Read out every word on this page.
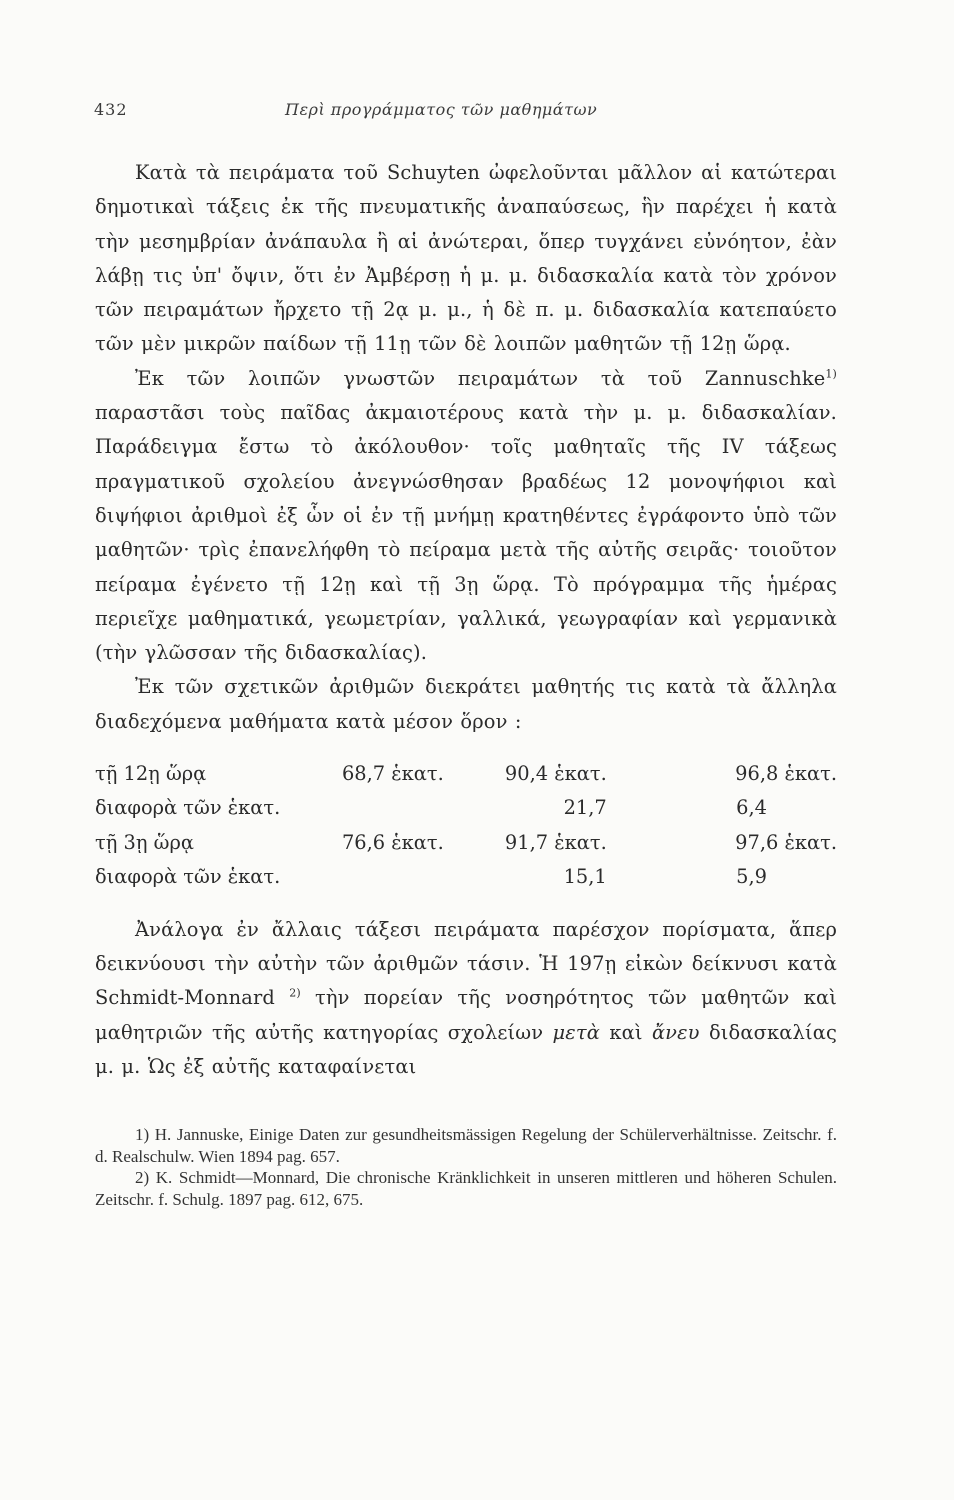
432	Περὶ προγράμματος τῶν μαθημάτων

Κατὰ τὰ πειράματα τοῦ Schuyten ὠφελοῦνται μᾶλλον αἱ κατώτεραι δημοτικαὶ τάξεις ἐκ τῆς πνευματικῆς ἀναπαύσεως, ἣν παρέχει ἡ κατὰ τὴν μεσημβρίαν ἀνάπαυλα ἢ αἱ ἀνώτεραι, ὅπερ τυγχάνει εὐνόητον, ἐὰν λάβῃ τις ὑπ' ὄψιν, ὅτι ἐν Ἀμβέρσῃ ἡ μ. μ. διδασκαλία κατὰ τὸν χρόνον τῶν πειραμάτων ἤρχετο τῇ 2ᾳ μ. μ., ἡ δὲ π. μ. διδασκαλία κατεπαύετο τῶν μὲν μικρῶν παίδων τῇ 11ῃ τῶν δὲ λοιπῶν μαθητῶν τῇ 12ῃ ὥρᾳ.

Ἐκ τῶν λοιπῶν γνωστῶν πειραμάτων τὰ τοῦ Zannuschke$^{1)}$ παραστᾶσι τοὺς παῖδας ἀκμαιοτέρους κατὰ τὴν μ. μ. διδασκαλίαν. Παράδειγμα ἔστω τὸ ἀκόλουθον· τοῖς μαθηταῖς τῆς IV τάξεως πραγματικοῦ σχολείου ἀνεγνώσθησαν βραδέως 12 μονοψήφιοι καὶ διψήφιοι ἀριθμοὶ ἐξ ὧν οἱ ἐν τῇ μνήμῃ κρατηθέντες ἐγράφοντο ὑπὸ τῶν μαθητῶν· τρὶς ἐπανελήφθη τὸ πείραμα μετὰ τῆς αὐτῆς σειρᾶς· τοιοῦτον πείραμα ἐγένετο τῇ 12ῃ καὶ τῇ 3ῃ ὥρᾳ. Τὸ πρόγραμμα τῆς ἡμέρας περιεῖχε μαθηματικά, γεωμετρίαν, γαλλικά, γεωγραφίαν καὶ γερμανικὰ (τὴν γλῶσσαν τῆς διδασκαλίας).

Ἐκ τῶν σχετικῶν ἀριθμῶν διεκράτει μαθητής τις κατὰ τὰ ἄλληλα διαδεχόμενα μαθήματα κατὰ μέσον ὅρον :

τῇ 12ῃ ὥρᾳ	68,7 ἑκατ.	90,4 ἑκατ.	96,8 ἑκατ.
διαφορὰ τῶν ἑκατ.		21,7	6,4
τῇ 3ῃ ὥρᾳ	76,6 ἑκατ.	91,7 ἑκατ.	97,6 ἑκατ.
διαφορὰ τῶν ἑκατ.		15,1	5,9

Ἀνάλογα ἐν ἄλλαις τάξεσι πειράματα παρέσχον πορίσματα, ἅπερ δεικνύουσι τὴν αὐτὴν τῶν ἀριθμῶν τάσιν. Ἡ 197ῃ εἰκὼν δείκνυσι κατὰ Schmidt-Monnard $^{2)}$ τὴν πορείαν τῆς νοσηρότητος τῶν μαθητῶν καὶ μαθητριῶν τῆς αὐτῆς κατηγορίας σχολείων μετὰ καὶ ἄνευ διδασκαλίας μ. μ. Ὡς ἐξ αὐτῆς καταφαίνεται

1) H. Jannuske, Einige Daten zur gesundheitsmässigen Regelung der Schülerverhältnisse. Zeitschr. f. d. Realschulw. Wien 1894 pag. 657.

2) K. Schmidt—Monnard, Die chronische Kränklichkeit in unseren mittleren und höheren Schulen. Zeitschr. f. Schulg. 1897 pag. 612, 675.
